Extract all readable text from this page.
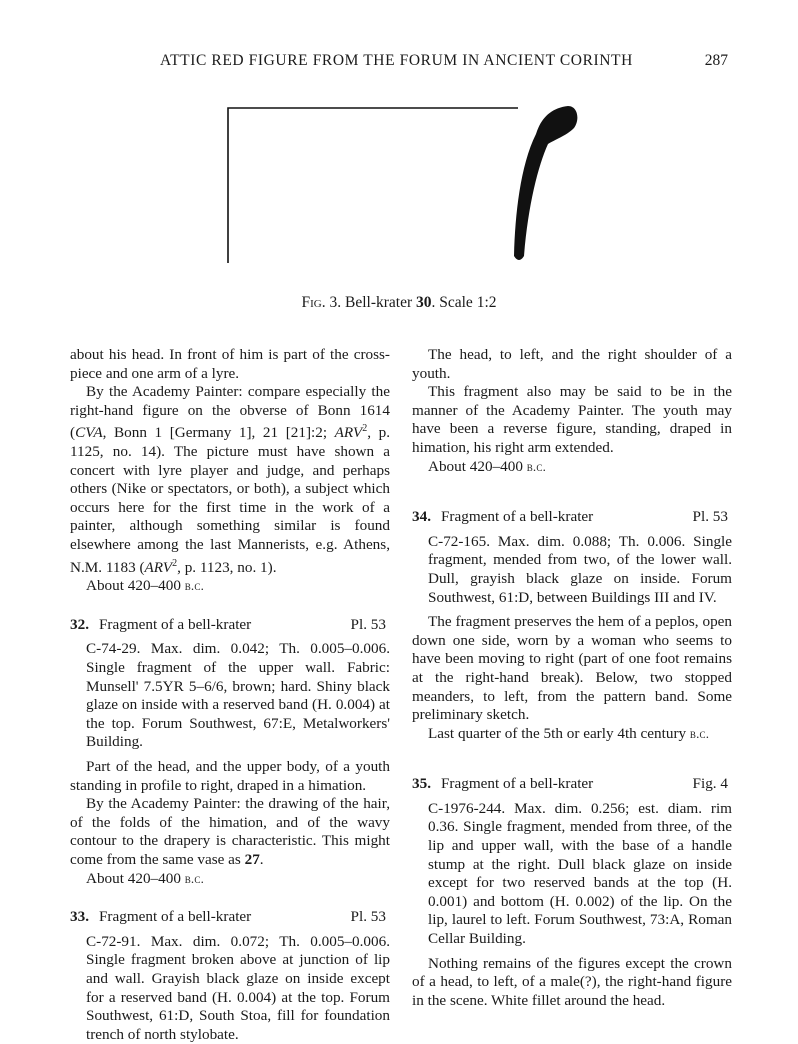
ATTIC RED FIGURE FROM THE FORUM IN ANCIENT CORINTH	287
Fig. 3. Bell-krater 30. Scale 1:2

about his head. In front of him is part of the cross-piece and one arm of a lyre.

By the Academy Painter: compare especially the right-hand figure on the obverse of Bonn 1614 (CVA, Bonn 1 [Germany 1], 21 [21]:2; ARV$^2$, p. 1125, no. 14). The picture must have shown a concert with lyre player and judge, and perhaps others (Nike or spectators, or both), a subject which occurs here for the first time in the work of a painter, although something similar is found elsewhere among the last Mannerists, e.g. Athens, N.M. 1183 (ARV$^2$, p. 1123, no. 1).

About 420–400 b.c.

32. Fragment of a bell-krater	Pl. 53

C-74-29. Max. dim. 0.042; Th. 0.005–0.006. Single fragment of the upper wall. Fabric: Munsell' 7.5YR 5–6/6, brown; hard. Shiny black glaze on inside with a reserved band (H. 0.004) at the top. Forum Southwest, 67:E, Metalworkers' Building.

Part of the head, and the upper body, of a youth standing in profile to right, draped in a himation.

By the Academy Painter: the drawing of the hair, of the folds of the himation, and of the wavy contour to the drapery is characteristic. This might come from the same vase as 27.

About 420–400 b.c.

33. Fragment of a bell-krater	Pl. 53

C-72-91. Max. dim. 0.072; Th. 0.005–0.006. Single fragment broken above at junction of lip and wall. Grayish black glaze on inside except for a reserved band (H. 0.004) at the top. Forum Southwest, 61:D, South Stoa, fill for foundation trench of north stylobate.

The head, to left, and the right shoulder of a youth.

This fragment also may be said to be in the manner of the Academy Painter. The youth may have been a reverse figure, standing, draped in himation, his right arm extended.

About 420–400 b.c.

34. Fragment of a bell-krater	Pl. 53

C-72-165. Max. dim. 0.088; Th. 0.006. Single fragment, mended from two, of the lower wall. Dull, grayish black glaze on inside. Forum Southwest, 61:D, between Buildings III and IV.

The fragment preserves the hem of a peplos, open down one side, worn by a woman who seems to have been moving to right (part of one foot remains at the right-hand break). Below, two stopped meanders, to left, from the pattern band. Some preliminary sketch.

Last quarter of the 5th or early 4th century b.c.

35. Fragment of a bell-krater	Fig. 4

C-1976-244. Max. dim. 0.256; est. diam. rim 0.36. Single fragment, mended from three, of the lip and upper wall, with the base of a handle stump at the right. Dull black glaze on inside except for two reserved bands at the top (H. 0.001) and bottom (H. 0.002) of the lip. On the lip, laurel to left. Forum Southwest, 73:A, Roman Cellar Building.

Nothing remains of the figures except the crown of a head, to left, of a male(?), the right-hand figure in the scene. White fillet around the head.
